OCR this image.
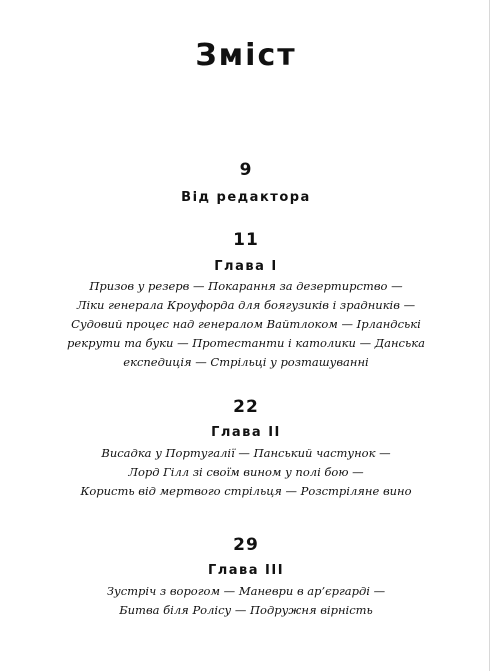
Зміст
9
Від редактора
11
Глава I
Призов у резерв — Покарання за дезертирство —
Ліки генерала Кроуфорда для боягузиків і зрадників —
Судовий процес над генералом Вайтлоком — Ірландські
рекрути та буки — Протестанти і католики — Данська
експедиція — Стрільці у розташуванні
22
Глава II
Висадка у Португалії — Панський частунок —
Лорд Гілл зі своїм вином у полі бою —
Користь від мертвого стрільця — Розстріляне вино
29
Глава III
Зустріч з ворогом — Маневри в ар’єргарді —
Битва біля Ролісу — Подружня вірність
